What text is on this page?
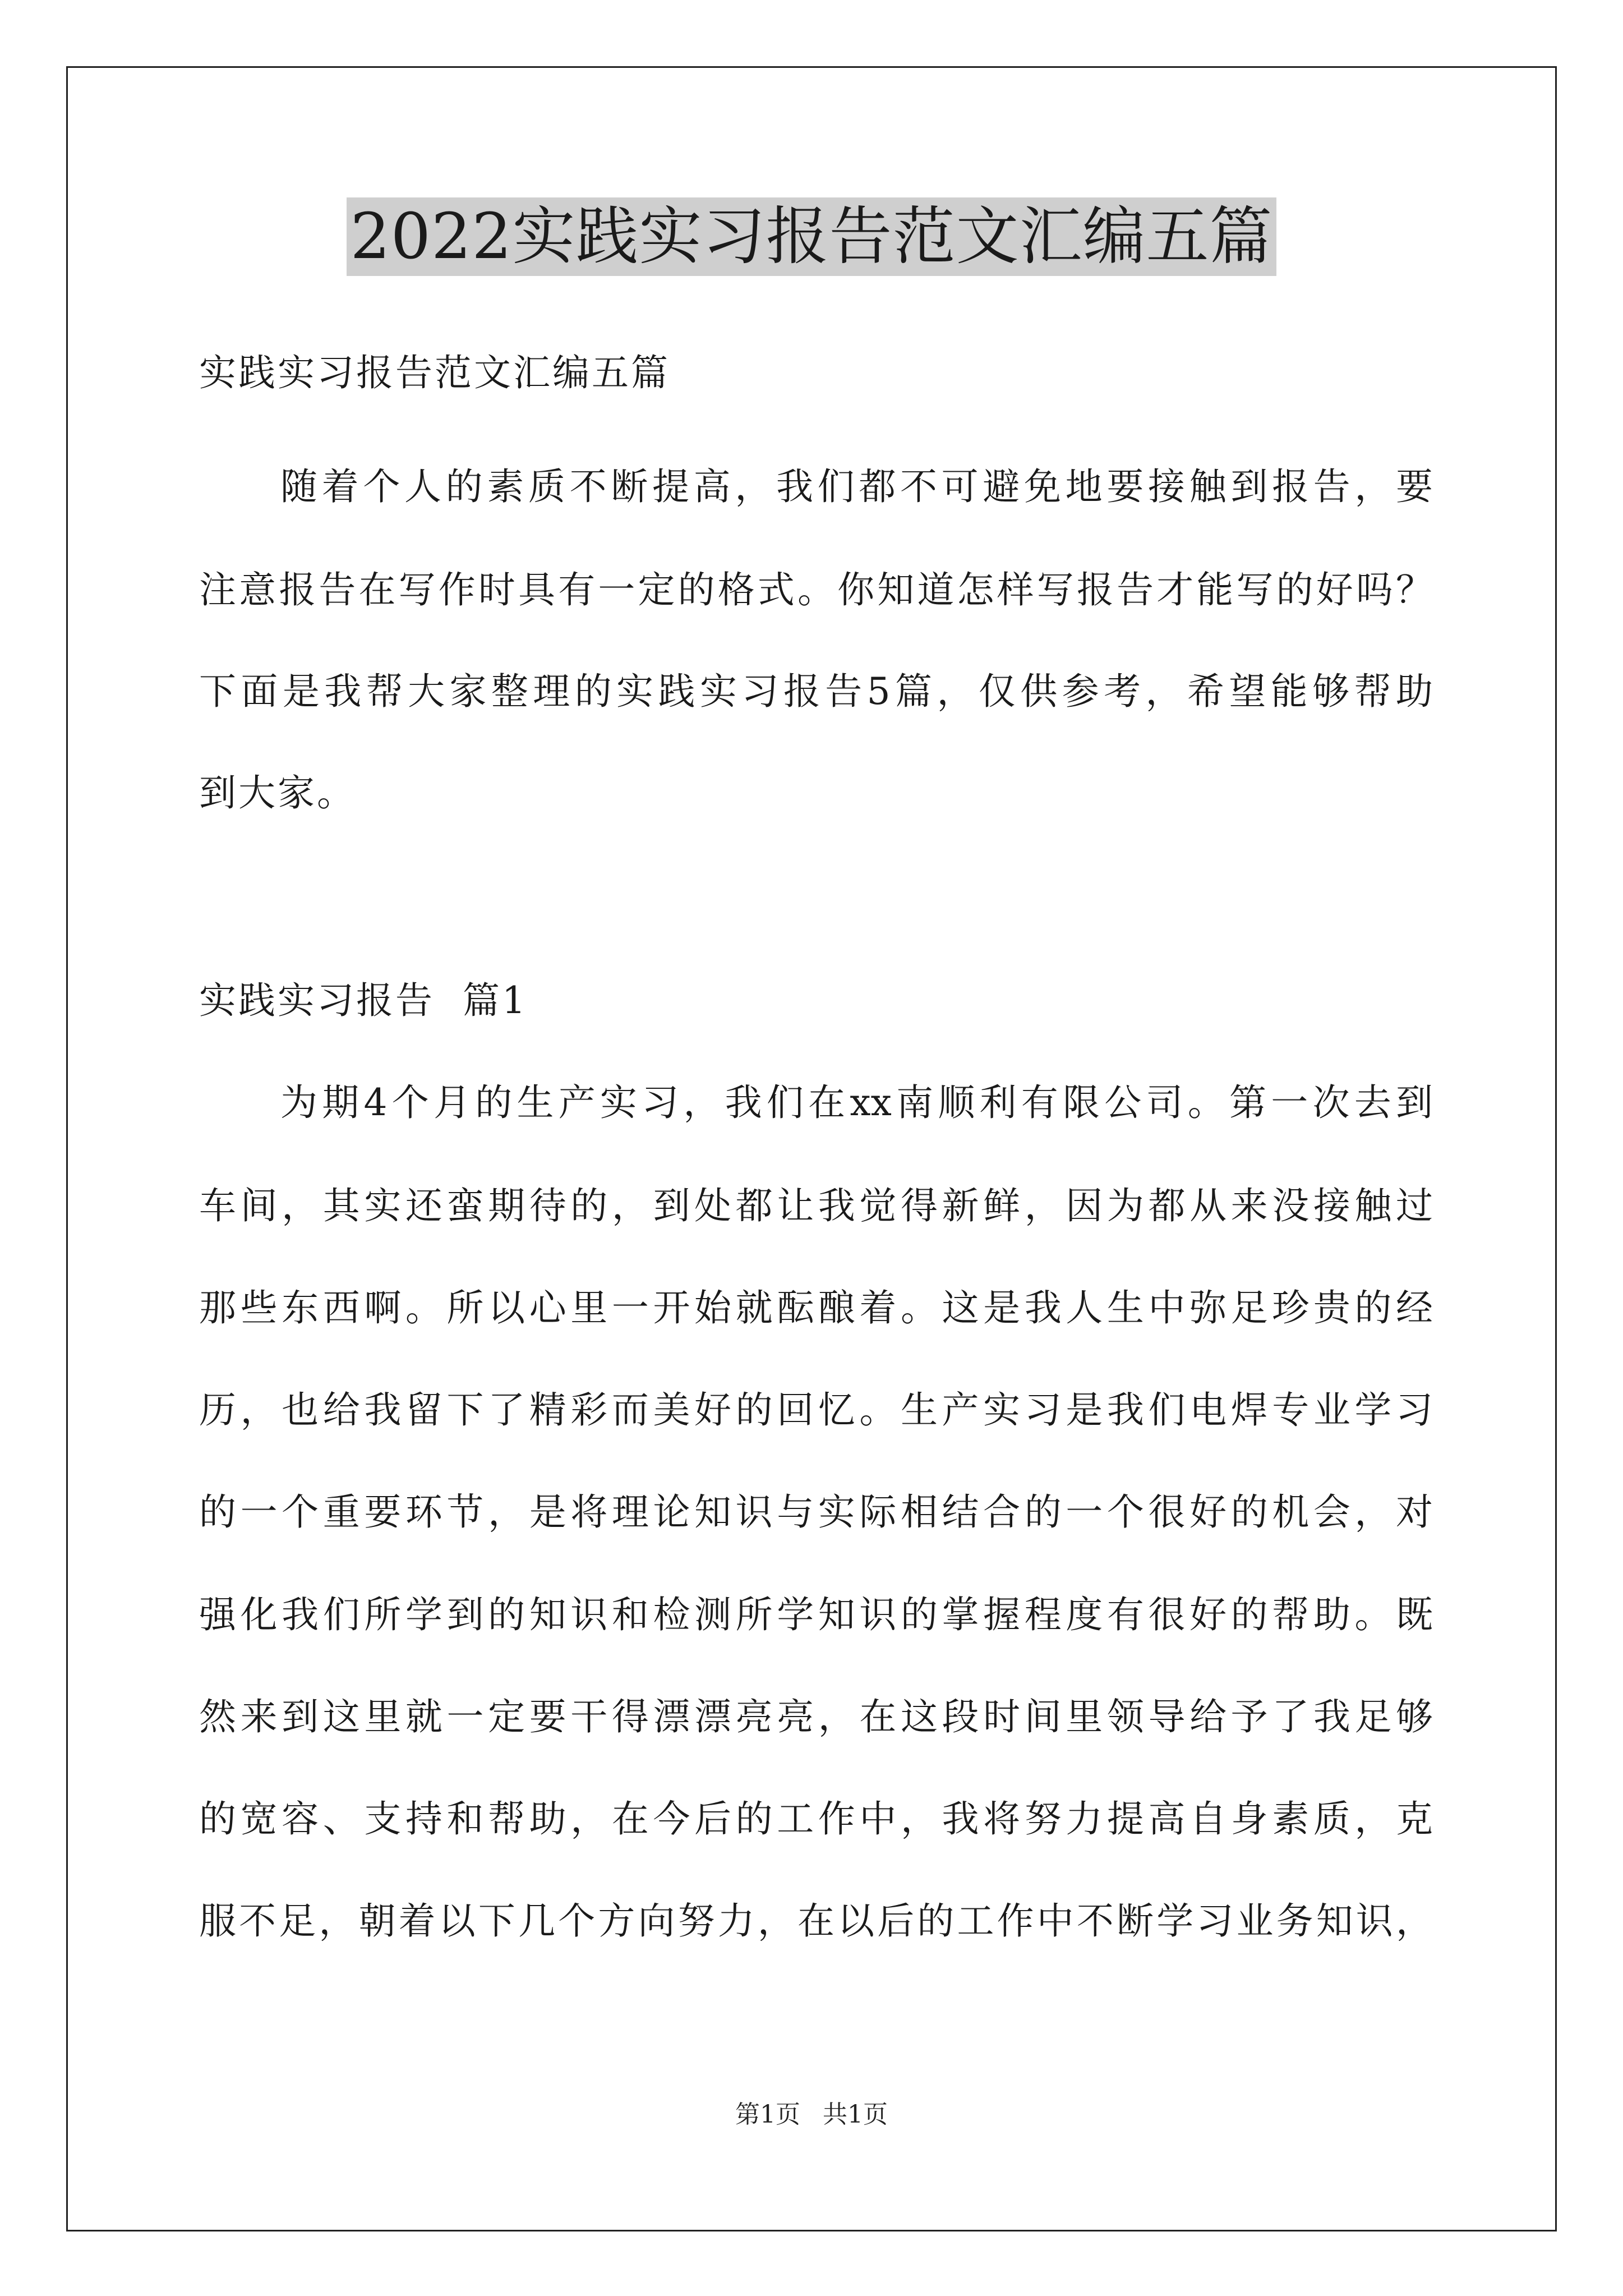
2022实践实习报告范文汇编五篇
实践实习报告范文汇编五篇
随着个人的素质不断提高，我们都不可避免地要接触到报告，要
注意报告在写作时具有一定的格式。你知道怎样写报告才能写的好吗？
下面是我帮大家整理的实践实习报告5篇，仅供参考，希望能够帮助
到大家。
实践实习报告  篇1
为期4个月的生产实习，我们在xx南顺利有限公司。第一次去到
车间，其实还蛮期待的，到处都让我觉得新鲜，因为都从来没接触过
那些东西啊。所以心里一开始就酝酿着。这是我人生中弥足珍贵的经
历，也给我留下了精彩而美好的回忆。生产实习是我们电焊专业学习
的一个重要环节，是将理论知识与实际相结合的一个很好的机会，对
强化我们所学到的知识和检测所学知识的掌握程度有很好的帮助。既
然来到这里就一定要干得漂漂亮亮，在这段时间里领导给予了我足够
的宽容、支持和帮助，在今后的工作中，我将努力提高自身素质，克
服不足，朝着以下几个方向努力，在以后的工作中不断学习业务知识，
第1页 共1页
